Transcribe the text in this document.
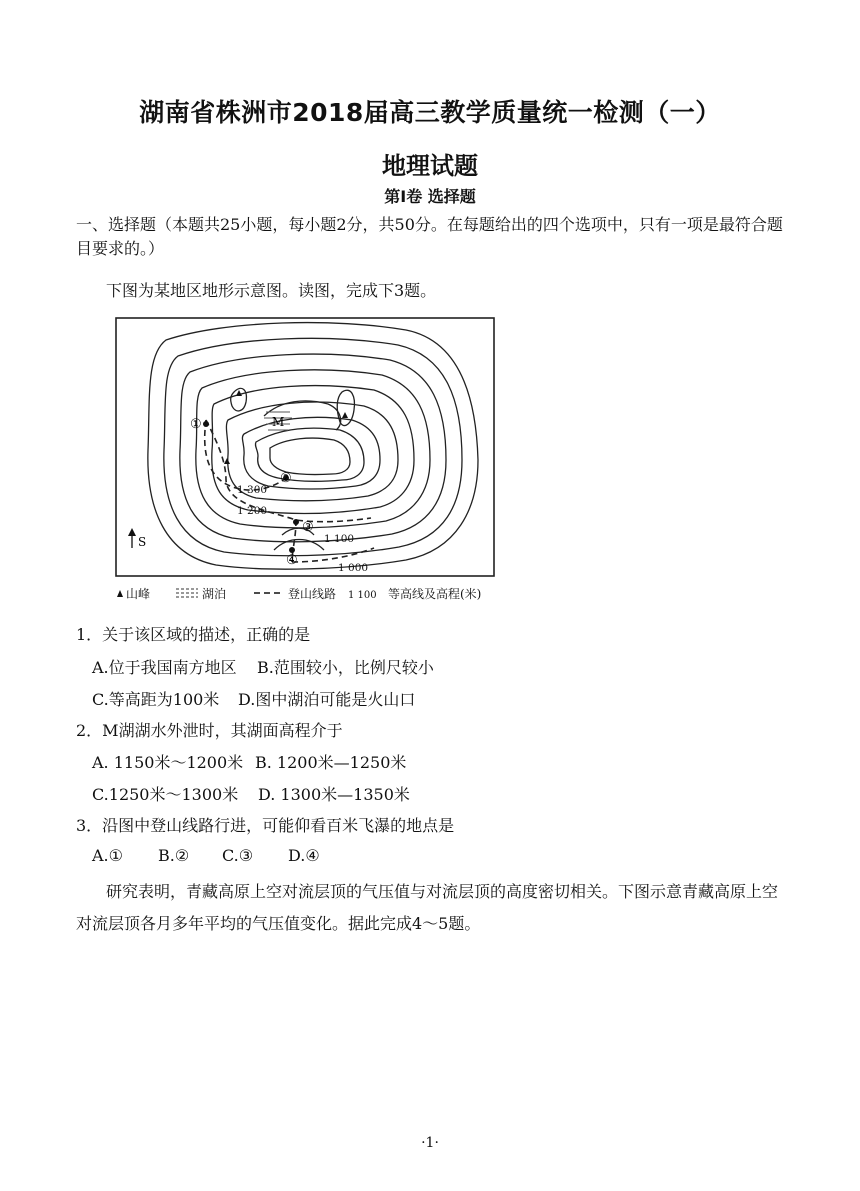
湖南省株洲市2018届高三教学质量统一检测（一）
地理试题
第Ⅰ卷 选择题
一、选择题（本题共25小题，每小题2分，共50分。在每题给出的四个选项中，只有一项是最符合题目要求的。）
下图为某地区地形示意图。读图，完成下3题。
M
①
②
③
④
1 300
1 200
1 100
1 000
S
山峰	湖泊	登山线路 1 100 等高线及高程(米)
1．关于该区域的描述，正确的是
A.位于我国南方地区 B.范围较小，比例尺较小
C.等高距为100米 D.图中湖泊可能是火山口
2．M湖湖水外泄时，其湖面高程介于
A. 1150米～1200米 B. 1200米—1250米
C.1250米～1300米 D. 1300米—1350米
3．沿图中登山线路行进，可能仰看百米飞瀑的地点是
A.① B.② C.③ D.④
研究表明，青藏高原上空对流层顶的气压值与对流层顶的高度密切相关。下图示意青藏高原上空对流层顶各月多年平均的气压值变化。据此完成4～5题。
·1·
